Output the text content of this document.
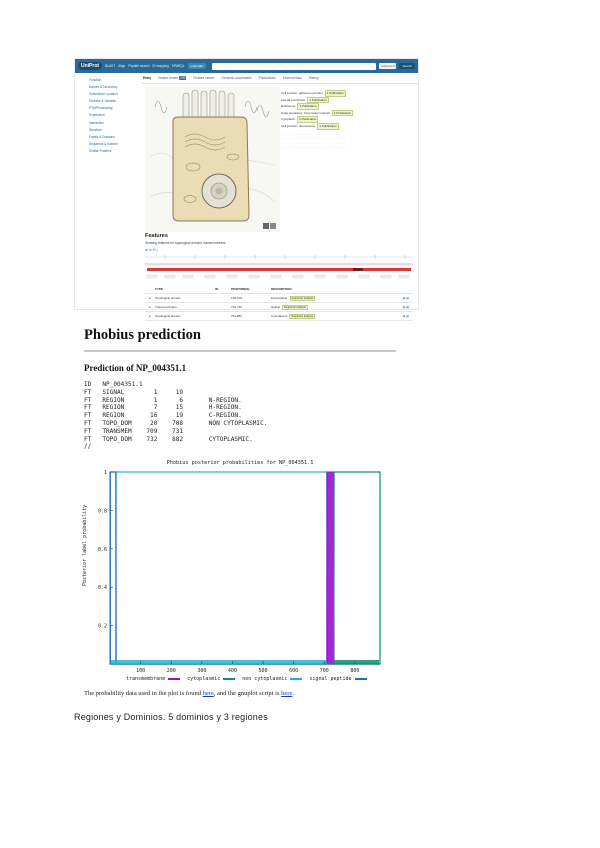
UniProt	BLAST Align Peptide search ID mapping SPARQL	uniprotkb	Advanced	Search
Function
Names & Taxonomy
Subcellular Location
Disease & Variants
PTM/Processing
Expression
Interaction
Structure
Family & Domains
Sequence & Isoform
Similar Proteins
Entry Variant viewer 209	Feature viewer Genomic coordinates Publications External links History
Cell junction, adherens junction 1 Publication
Lateral membrane 1 Publication
Endosome 1 Publication
Golgi apparatus, trans-Golgi network 1 Publication
Cytoplasm 1 Publication
Cell junction, desmosome 1 Publication
. . . . . . . . . . . . . . . . . . . . . . . . . . . . . . . . . . . . . . .
. . . . . . . . . . . . . . . . . . . . . . . . . . . . . . . . . . . . . . .
. . . . . . . . . . . . . . . . . . . . . . . . . . . . . . . . . . . . . . .
. . . . . . . . . . . . . . . . . . . . . . . . . . . . . . . . . . . . . . .
Features
Showing features for topological domain, transmembrane
⊕ ⊖ ⟲ ⤓
TYPE	ID	POSITION(S)	DESCRIPTION
▸	Topological domain	155-709	Extracellular Sequence analysis	▤ ▤
▸	Transmembrane	710-730	Helical Sequence analysis	▤ ▤
▸	Topological domain	731-882	Cytoplasmic Sequence analysis	▤ ▤
Phobius prediction
Prediction of NP_004351.1
ID   NP_004351.1
FT   SIGNAL        1     19
FT   REGION        1      6       N-REGION.
FT   REGION        7     15       H-REGION.
FT   REGION       16     19       C-REGION.
FT   TOPO_DOM     20    708       NON CYTOPLASMIC.
FT   TRANSMEM    709    731
FT   TOPO_DOM    732    882       CYTOPLASMIC.
//
Phobius posterior probabilities for NP_004351.1
Posterior label probability
100	200	300	400	500	600	700	800
0.2
0.4
0.6
0.8
1
transmembrane	cytoplasmic	non cytoplasmic	signal peptide
The probability data used in the plot is found here, and the gnuplot script is here.
Regiones y Dominios. 5 dominios y 3 regiones
